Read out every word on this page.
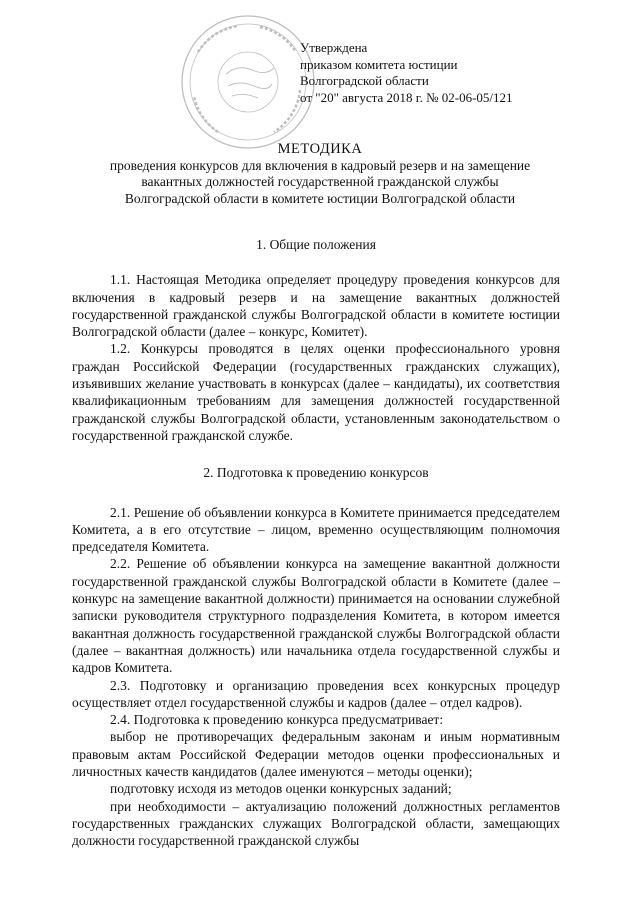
Утверждена
приказом комитета юстиции
Волгоградской области
от "20" августа 2018 г. № 02-06-05/121
МЕТОДИКА
проведения конкурсов для включения в кадровый резерв и на замещение
вакантных должностей государственной гражданской службы
Волгоградской области в комитете юстиции Волгоградской области
1. Общие положения

1.1. Настоящая Методика определяет процедуру проведения конкурсов для включения в кадровый резерв и на замещение вакантных должностей государственной гражданской службы Волгоградской области в комитете юстиции Волгоградской области (далее – конкурс, Комитет).

1.2. Конкурсы проводятся в целях оценки профессионального уровня граждан Российской Федерации (государственных гражданских служащих), изъявивших желание участвовать в конкурсах (далее – кандидаты), их соответствия квалификационным требованиям для замещения должностей государственной гражданской службы Волгоградской области, установленным законодательством о государственной гражданской службе.

2. Подготовка к проведению конкурсов

2.1. Решение об объявлении конкурса в Комитете принимается председателем Комитета, а в его отсутствие – лицом, временно осуществляющим полномочия председателя Комитета.

2.2. Решение об объявлении конкурса на замещение вакантной должности государственной гражданской службы Волгоградской области в Комитете (далее – конкурс на замещение вакантной должности) принимается на основании служебной записки руководителя структурного подразделения Комитета, в котором имеется вакантная должность государственной гражданской службы Волгоградской области (далее – вакантная должность) или начальника отдела государственной службы и кадров Комитета.

2.3. Подготовку и организацию проведения всех конкурсных процедур осуществляет отдел государственной службы и кадров (далее – отдел кадров).

2.4. Подготовка к проведению конкурса предусматривает:

выбор не противоречащих федеральным законам и иным нормативным правовым актам Российской Федерации методов оценки профессиональных и личностных качеств кандидатов (далее именуются – методы оценки);

подготовку исходя из методов оценки конкурсных заданий;

при необходимости – актуализацию положений должностных регламентов государственных гражданских служащих Волгоградской области, замещающих должности государственной гражданской службы
